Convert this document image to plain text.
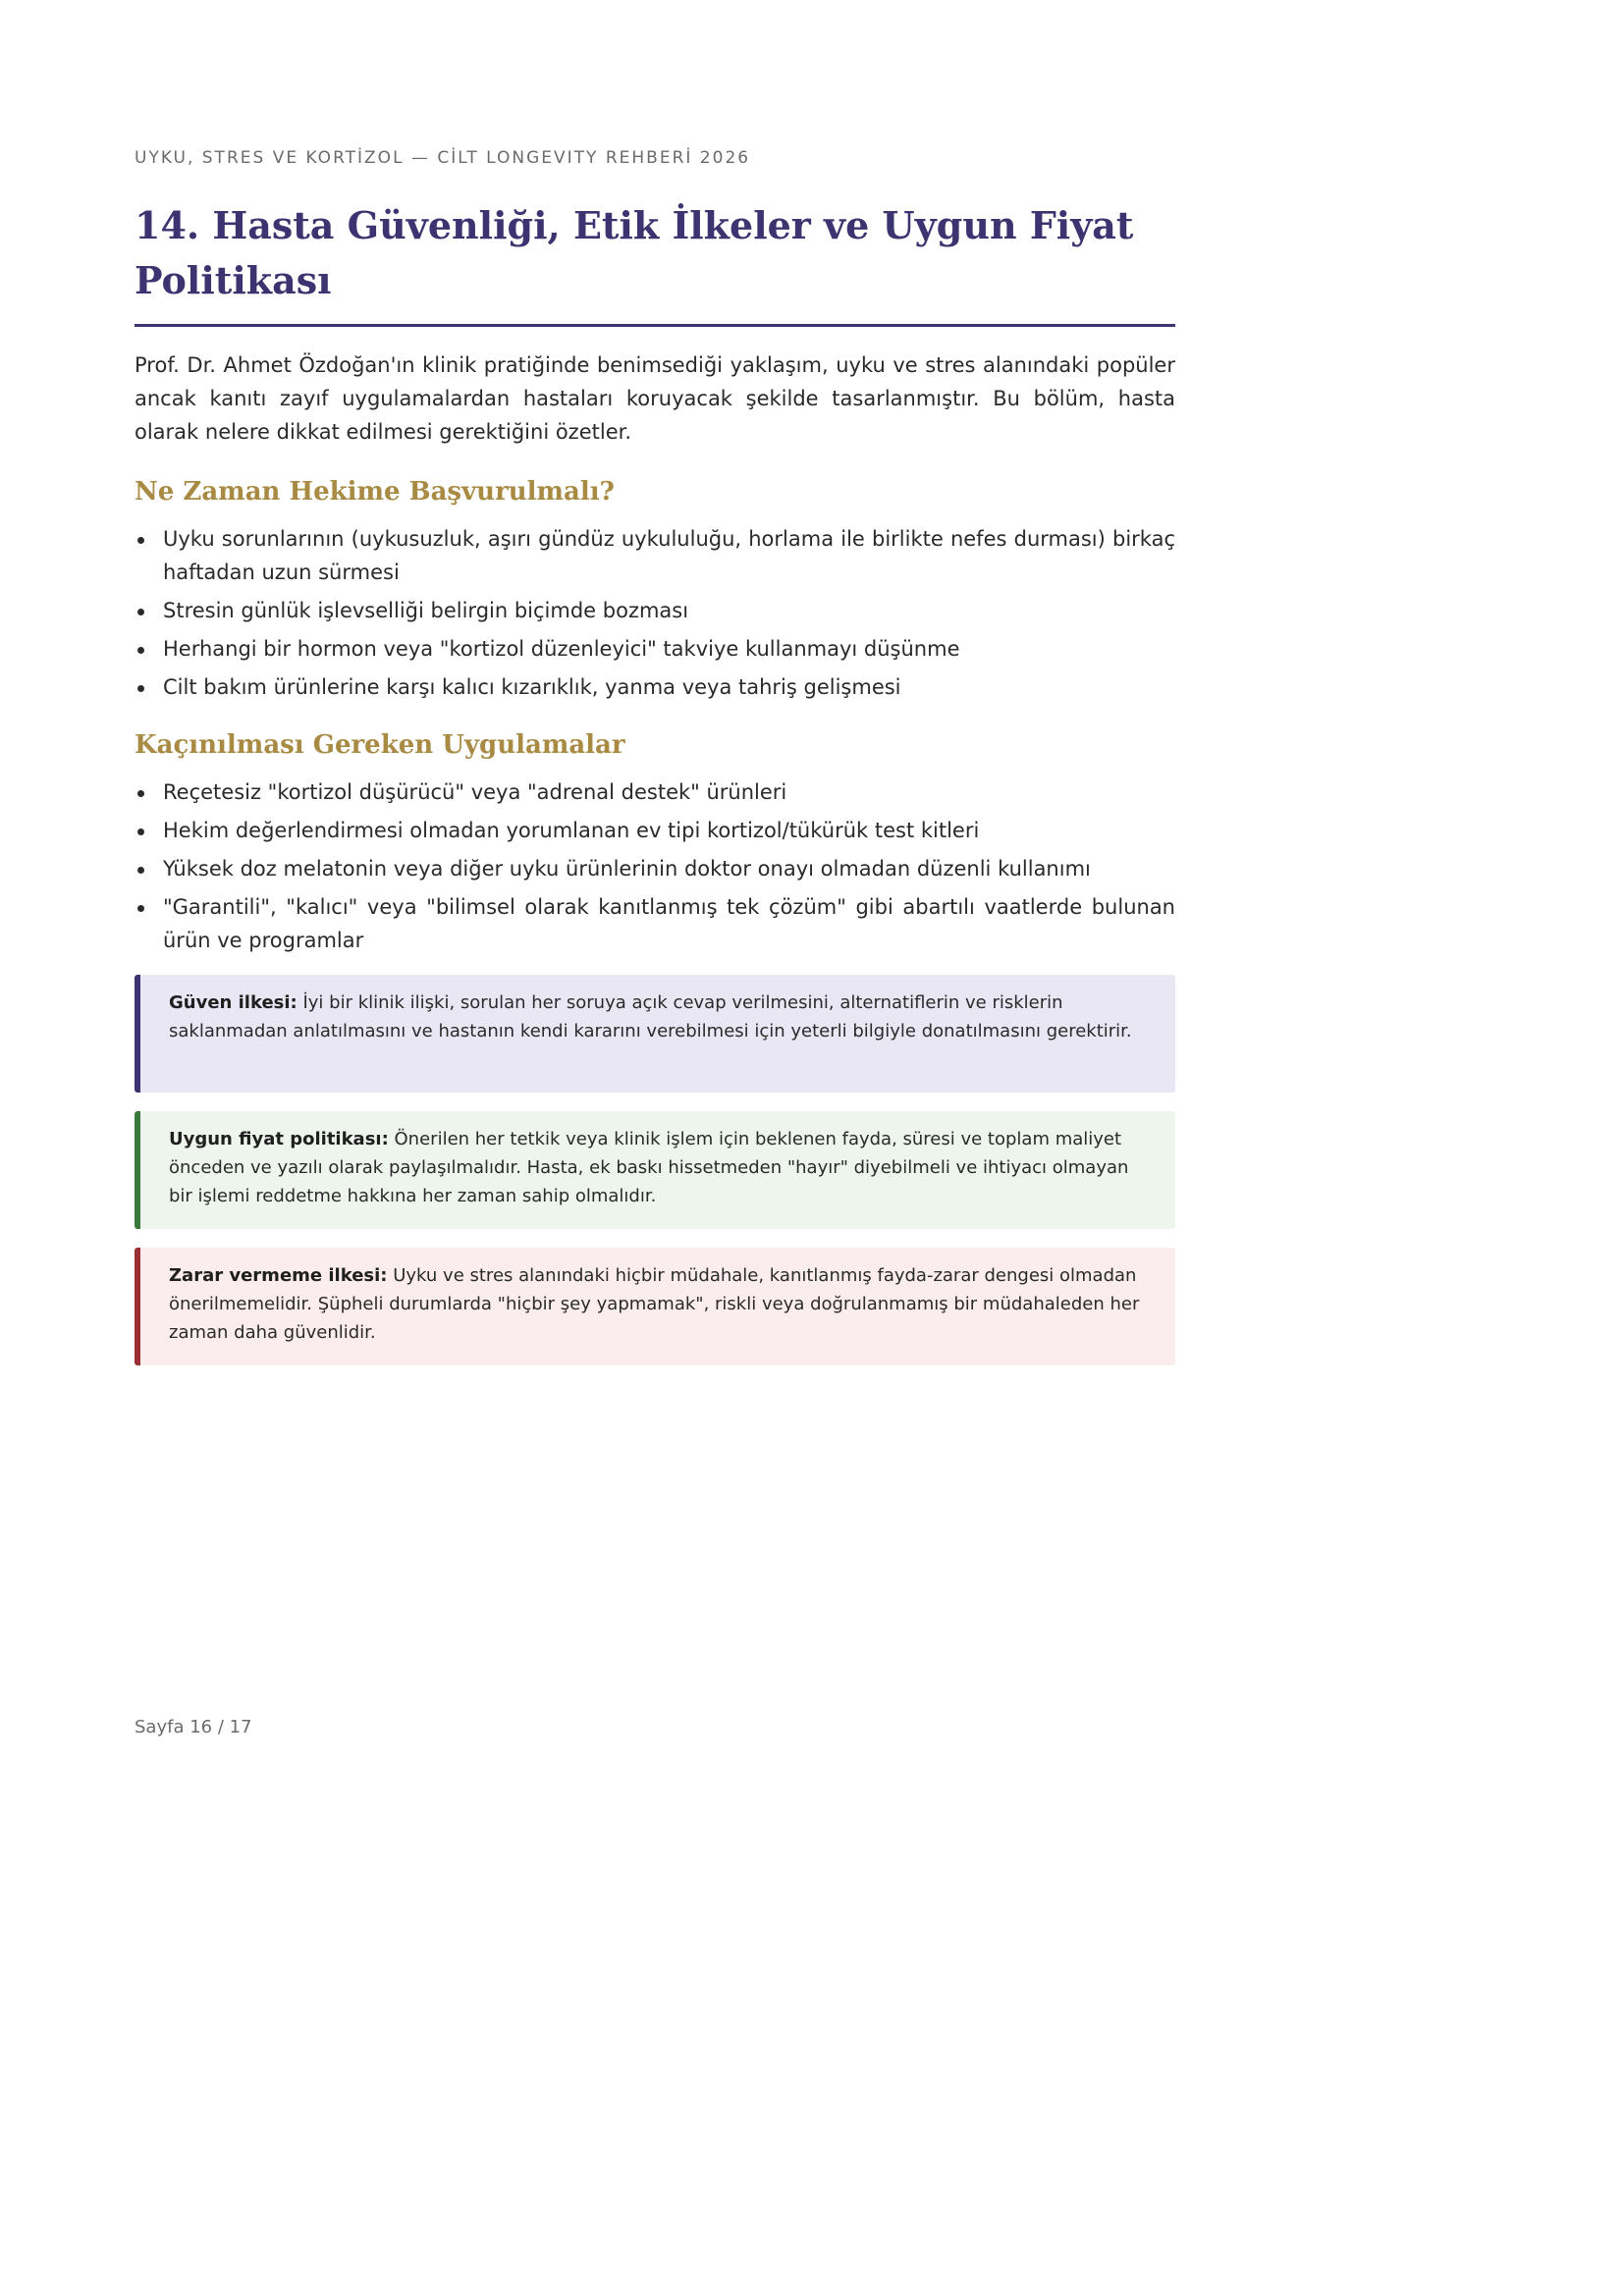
UYKU, STRES VE KORTİZOL — CİLT LONGEVITY REHBERİ 2026
14. Hasta Güvenliği, Etik İlkeler ve Uygun Fiyat Politikası

Prof. Dr. Ahmet Özdoğan'ın klinik pratiğinde benimsediği yaklaşım, uyku ve stres alanındaki popüler ancak kanıtı zayıf uygulamalardan hastaları koruyacak şekilde tasarlanmıştır. Bu bölüm, hasta olarak nelere dikkat edilmesi gerektiğini özetler.

Ne Zaman Hekime Başvurulmalı?
Uyku sorunlarının (uykusuzluk, aşırı gündüz uykululuğu, horlama ile birlikte nefes durması) birkaç haftadan uzun sürmesi
Stresin günlük işlevselliği belirgin biçimde bozması
Herhangi bir hormon veya "kortizol düzenleyici" takviye kullanmayı düşünme
Cilt bakım ürünlerine karşı kalıcı kızarıklık, yanma veya tahriş gelişmesi
Kaçınılması Gereken Uygulamalar
Reçetesiz "kortizol düşürücü" veya "adrenal destek" ürünleri
Hekim değerlendirmesi olmadan yorumlanan ev tipi kortizol/tükürük test kitleri
Yüksek doz melatonin veya diğer uyku ürünlerinin doktor onayı olmadan düzenli kullanımı
"Garantili", "kalıcı" veya "bilimsel olarak kanıtlanmış tek çözüm" gibi abartılı vaatlerde bulunan ürün ve programlar
Güven ilkesi: İyi bir klinik ilişki, sorulan her soruya açık cevap verilmesini, alternatiflerin ve risklerin saklanmadan anlatılmasını ve hastanın kendi kararını verebilmesi için yeterli bilgiyle donatılmasını gerektirir.
Uygun fiyat politikası: Önerilen her tetkik veya klinik işlem için beklenen fayda, süresi ve toplam maliyet önceden ve yazılı olarak paylaşılmalıdır. Hasta, ek baskı hissetmeden "hayır" diyebilmeli ve ihtiyacı olmayan bir işlemi reddetme hakkına her zaman sahip olmalıdır.
Zarar vermeme ilkesi: Uyku ve stres alanındaki hiçbir müdahale, kanıtlanmış fayda-zarar dengesi olmadan önerilmemelidir. Şüpheli durumlarda "hiçbir şey yapmamak", riskli veya doğrulanmamış bir müdahaleden her zaman daha güvenlidir.
Sayfa 16 / 17
